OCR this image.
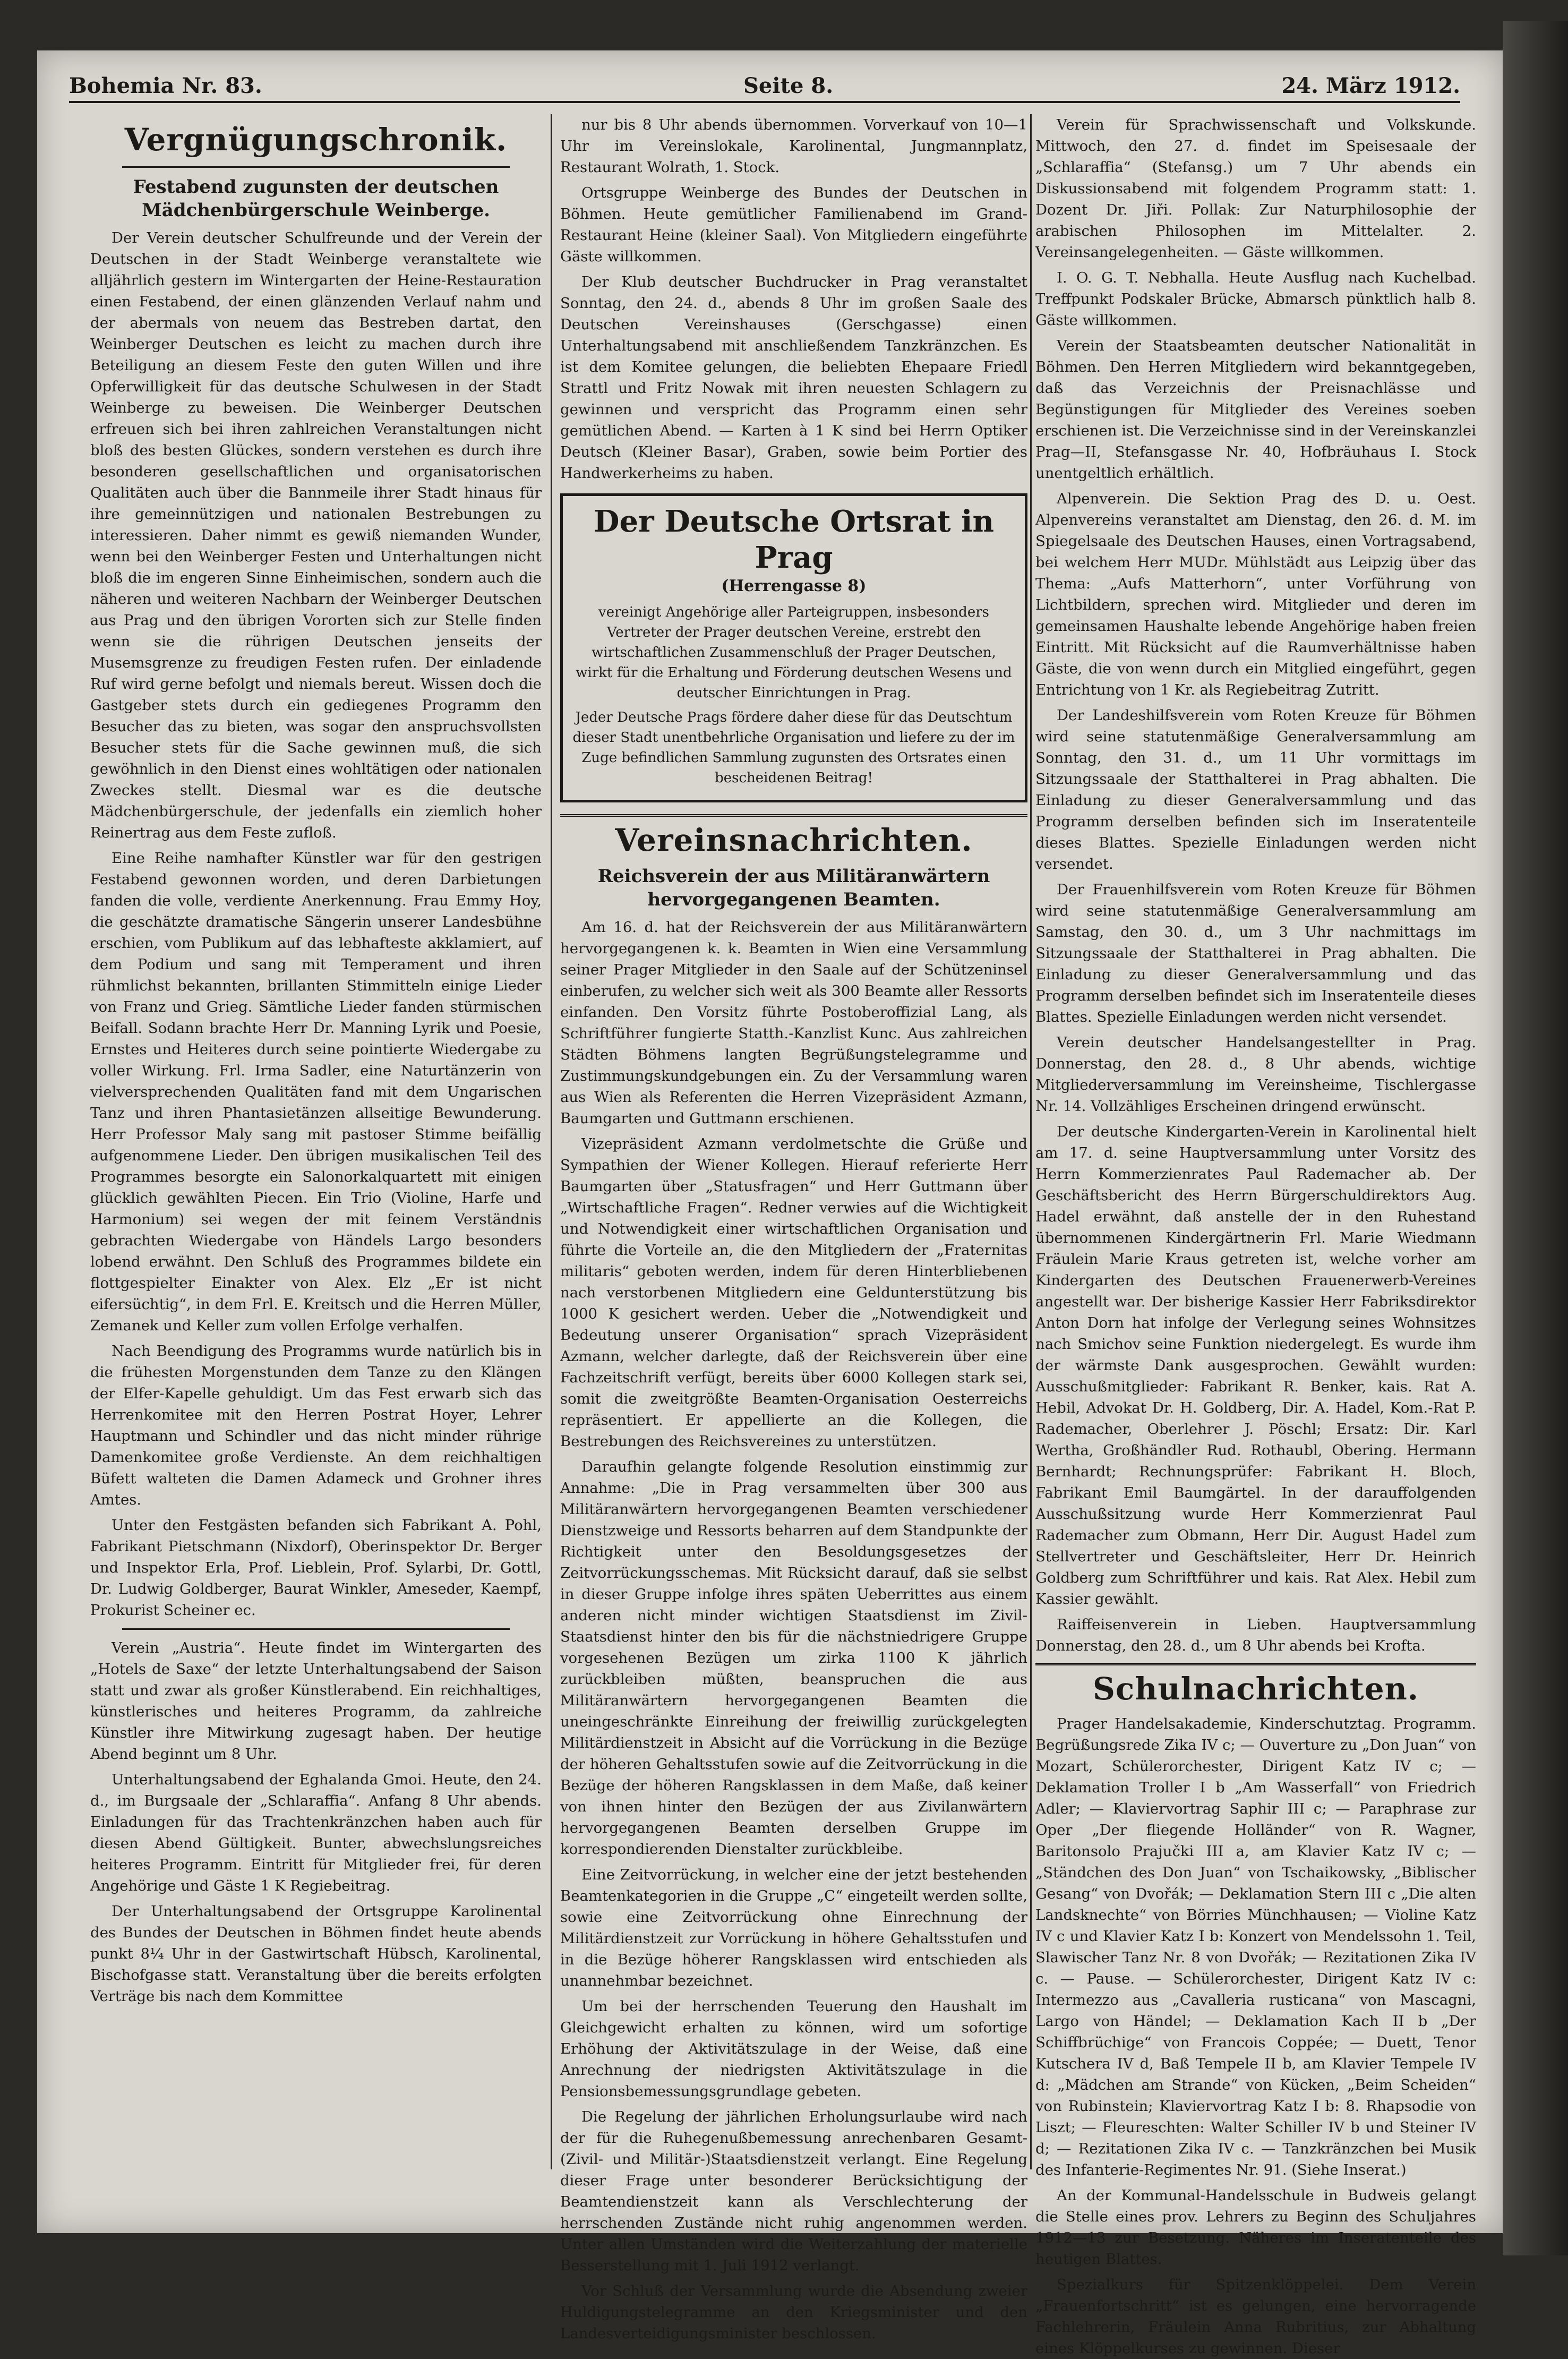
Bohemia Nr. 83.	Seite 8.	24. März 1912.
Vergnügungschronik.
Festabend zugunsten der deutschen Mädchenbürgerschule Weinberge.

Der Verein deutscher Schulfreunde und der Verein der Deutschen in der Stadt Weinberge veranstaltete wie alljährlich gestern im Wintergarten der Heine-Restauration einen Festabend, der einen glänzenden Verlauf nahm und der abermals von neuem das Bestreben dartat, den Weinberger Deutschen es leicht zu machen durch ihre Beteiligung an diesem Feste den guten Willen und ihre Opferwilligkeit für das deutsche Schulwesen in der Stadt Weinberge zu beweisen. Die Weinberger Deutschen erfreuen sich bei ihren zahlreichen Veranstaltungen nicht bloß des besten Glückes, sondern verstehen es durch ihre besonderen gesellschaftlichen und organisatorischen Qualitäten auch über die Bannmeile ihrer Stadt hinaus für ihre gemeinnützigen und nationalen Bestrebungen zu interessieren. Daher nimmt es gewiß niemanden Wunder, wenn bei den Weinberger Festen und Unterhaltungen nicht bloß die im engeren Sinne Einheimischen, sondern auch die näheren und weiteren Nachbarn der Weinberger Deutschen aus Prag und den übrigen Vororten sich zur Stelle finden wenn sie die rührigen Deutschen jenseits der Musemsgrenze zu freudigen Festen rufen. Der einladende Ruf wird gerne befolgt und niemals bereut. Wissen doch die Gastgeber stets durch ein gediegenes Programm den Besucher das zu bieten, was sogar den anspruchsvollsten Besucher stets für die Sache gewinnen muß, die sich gewöhnlich in den Dienst eines wohltätigen oder nationalen Zweckes stellt. Diesmal war es die deutsche Mädchenbürgerschule, der jedenfalls ein ziemlich hoher Reinertrag aus dem Feste zufloß.

Eine Reihe namhafter Künstler war für den gestrigen Festabend gewonnen worden, und deren Darbietungen fanden die volle, verdiente Anerkennung. Frau Emmy Hoy, die geschätzte dramatische Sängerin unserer Landesbühne erschien, vom Publikum auf das lebhafteste akklamiert, auf dem Podium und sang mit Temperament und ihren rühmlichst bekannten, brillanten Stimmitteln einige Lieder von Franz und Grieg. Sämtliche Lieder fanden stürmischen Beifall. Sodann brachte Herr Dr. Manning Lyrik und Poesie, Ernstes und Heiteres durch seine pointierte Wiedergabe zu voller Wirkung. Frl. Irma Sadler, eine Naturtänzerin von vielversprechenden Qualitäten fand mit dem Ungarischen Tanz und ihren Phantasietänzen allseitige Bewunderung. Herr Professor Maly sang mit pastoser Stimme beifällig aufgenommene Lieder. Den übrigen musikalischen Teil des Programmes besorgte ein Salonorkalquartett mit einigen glücklich gewählten Piecen. Ein Trio (Violine, Harfe und Harmonium) sei wegen der mit feinem Verständnis gebrachten Wiedergabe von Händels Largo besonders lobend erwähnt. Den Schluß des Programmes bildete ein flottgespielter Einakter von Alex. Elz „Er ist nicht eifersüchtig“, in dem Frl. E. Kreitsch und die Herren Müller, Zemanek und Keller zum vollen Erfolge verhalfen.

Nach Beendigung des Programms wurde natürlich bis in die frühesten Morgenstunden dem Tanze zu den Klängen der Elfer-Kapelle gehuldigt. Um das Fest erwarb sich das Herrenkomitee mit den Herren Postrat Hoyer, Lehrer Hauptmann und Schindler und das nicht minder rührige Damenkomitee große Verdienste. An dem reichhaltigen Büfett walteten die Damen Adameck und Grohner ihres Amtes.

Unter den Festgästen befanden sich Fabrikant A. Pohl, Fabrikant Pietschmann (Nixdorf), Oberinspektor Dr. Berger und Inspektor Erla, Prof. Lieblein, Prof. Sylarbi, Dr. Gottl, Dr. Ludwig Goldberger, Baurat Winkler, Ameseder, Kaempf, Prokurist Scheiner ec.

Verein „Austria“. Heute findet im Wintergarten des „Hotels de Saxe“ der letzte Unterhaltungsabend der Saison statt und zwar als großer Künstlerabend. Ein reichhaltiges, künstlerisches und heiteres Programm, da zahlreiche Künstler ihre Mitwirkung zugesagt haben. Der heutige Abend beginnt um 8 Uhr.

Unterhaltungsabend der Eghalanda Gmoi. Heute, den 24. d., im Burgsaale der „Schlaraffia“. Anfang 8 Uhr abends. Einladungen für das Trachtenkränzchen haben auch für diesen Abend Gültigkeit. Bunter, abwechslungsreiches heiteres Programm. Eintritt für Mitglieder frei, für deren Angehörige und Gäste 1 K Regiebeitrag.

Der Unterhaltungsabend der Ortsgruppe Karolinental des Bundes der Deutschen in Böhmen findet heute abends punkt 8¼ Uhr in der Gastwirtschaft Hübsch, Karolinental, Bischofgasse statt. Veranstaltung über die bereits erfolgten Verträge bis nach dem Kommittee

nur bis 8 Uhr abends übernommen. Vorverkauf von 10—1 Uhr im Vereinslokale, Karolinental, Jungmannplatz, Restaurant Wolrath, 1. Stock.

Ortsgruppe Weinberge des Bundes der Deutschen in Böhmen. Heute gemütlicher Familienabend im Grand-Restaurant Heine (kleiner Saal). Von Mitgliedern eingeführte Gäste willkommen.

Der Klub deutscher Buchdrucker in Prag veranstaltet Sonntag, den 24. d., abends 8 Uhr im großen Saale des Deutschen Vereinshauses (Gerschgasse) einen Unterhaltungsabend mit anschließendem Tanzkränzchen. Es ist dem Komitee gelungen, die beliebten Ehepaare Friedl Strattl und Fritz Nowak mit ihren neuesten Schlagern zu gewinnen und verspricht das Programm einen sehr gemütlichen Abend. — Karten à 1 K sind bei Herrn Optiker Deutsch (Kleiner Basar), Graben, sowie beim Portier des Handwerkerheims zu haben.

Der Deutsche Ortsrat in Prag
(Herrengasse 8)

vereinigt Angehörige aller Parteigruppen, insbesonders Vertreter der Prager deutschen Vereine, erstrebt den wirtschaftlichen Zusammenschluß der Prager Deutschen, wirkt für die Erhaltung und Förderung deutschen Wesens und deutscher Einrichtungen in Prag.

Jeder Deutsche Prags fördere daher diese für das Deutschtum dieser Stadt unentbehrliche Organisation und liefere zu der im Zuge befindlichen Sammlung zugunsten des Ortsrates einen bescheidenen Beitrag!

Vereinsnachrichten.
Reichsverein der aus Militäranwärtern hervorgegangenen Beamten.

Am 16. d. hat der Reichsverein der aus Militäranwärtern hervorgegangenen k. k. Beamten in Wien eine Versammlung seiner Prager Mitglieder in den Saale auf der Schützeninsel einberufen, zu welcher sich weit als 300 Beamte aller Ressorts einfanden. Den Vorsitz führte Postoberoffizial Lang, als Schriftführer fungierte Statth.-Kanzlist Kunc. Aus zahlreichen Städten Böhmens langten Begrüßungstelegramme und Zustimmungskundgebungen ein. Zu der Versammlung waren aus Wien als Referenten die Herren Vizepräsident Azmann, Baumgarten und Guttmann erschienen.

Vizepräsident Azmann verdolmetschte die Grüße und Sympathien der Wiener Kollegen. Hierauf referierte Herr Baumgarten über „Statusfragen“ und Herr Guttmann über „Wirtschaftliche Fragen“. Redner verwies auf die Wichtigkeit und Notwendigkeit einer wirtschaftlichen Organisation und führte die Vorteile an, die den Mitgliedern der „Fraternitas militaris“ geboten werden, indem für deren Hinterbliebenen nach verstorbenen Mitgliedern eine Geldunterstützung bis 1000 K gesichert werden. Ueber die „Notwendigkeit und Bedeutung unserer Organisation“ sprach Vizepräsident Azmann, welcher darlegte, daß der Reichsverein über eine Fachzeitschrift verfügt, bereits über 6000 Kollegen stark sei, somit die zweitgrößte Beamten-Organisation Oesterreichs repräsentiert. Er appellierte an die Kollegen, die Bestrebungen des Reichsvereines zu unterstützen.

Daraufhin gelangte folgende Resolution einstimmig zur Annahme: „Die in Prag versammelten über 300 aus Militäranwärtern hervorgegangenen Beamten verschiedener Dienstzweige und Ressorts beharren auf dem Standpunkte der Richtigkeit unter den Besoldungsgesetzes der Zeitvorrückungsschemas. Mit Rücksicht darauf, daß sie selbst in dieser Gruppe infolge ihres späten Ueberrittes aus einem anderen nicht minder wichtigen Staatsdienst im Zivil-Staatsdienst hinter den bis für die nächstniedrigere Gruppe vorgesehenen Bezügen um zirka 1100 K jährlich zurückbleiben müßten, beanspruchen die aus Militäranwärtern hervorgegangenen Beamten die uneingeschränkte Einreihung der freiwillig zurückgelegten Militärdienstzeit in Absicht auf die Vorrückung in die Bezüge der höheren Gehaltsstufen sowie auf die Zeitvorrückung in die Bezüge der höheren Rangsklassen in dem Maße, daß keiner von ihnen hinter den Bezügen der aus Zivilanwärtern hervorgegangenen Beamten derselben Gruppe im korrespondierenden Dienstalter zurückbleibe.

Eine Zeitvorrückung, in welcher eine der jetzt bestehenden Beamtenkategorien in die Gruppe „C“ eingeteilt werden sollte, sowie eine Zeitvorrückung ohne Einrechnung der Militärdienstzeit zur Vorrückung in höhere Gehaltsstufen und in die Bezüge höherer Rangsklassen wird entschieden als unannehmbar bezeichnet.

Um bei der herrschenden Teuerung den Haushalt im Gleichgewicht erhalten zu können, wird um sofortige Erhöhung der Aktivitätszulage in der Weise, daß eine Anrechnung der niedrigsten Aktivitätszulage in die Pensionsbemessungsgrundlage gebeten.

Die Regelung der jährlichen Erholungsurlaube wird nach der für die Ruhegenußbemessung anrechenbaren Gesamt-(Zivil- und Militär-)Staatsdienstzeit verlangt. Eine Regelung dieser Frage unter besonderer Berücksichtigung der Beamtendienstzeit kann als Verschlechterung der herrschenden Zustände nicht ruhig angenommen werden. Unter allen Umständen wird die Weiterzahlung der materielle Besserstellung mit 1. Juli 1912 verlangt.

Vor Schluß der Versammlung wurde die Absendung zweier Huldigungstelegramme an den Kriegsminister und den Landesverteidigungsminister beschlossen.

Verein für Sprachwissenschaft und Volkskunde. Mittwoch, den 27. d. findet im Speisesaale der „Schlaraffia“ (Stefansg.) um 7 Uhr abends ein Diskussionsabend mit folgendem Programm statt: 1. Dozent Dr. Jiři. Pollak: Zur Naturphilosophie der arabischen Philosophen im Mittelalter. 2. Vereinsangelegenheiten. — Gäste willkommen.

I. O. G. T. Nebhalla. Heute Ausflug nach Kuchelbad. Treffpunkt Podskaler Brücke, Abmarsch pünktlich halb 8. Gäste willkommen.

Verein der Staatsbeamten deutscher Nationalität in Böhmen. Den Herren Mitgliedern wird bekanntgegeben, daß das Verzeichnis der Preisnachlässe und Begünstigungen für Mitglieder des Vereines soeben erschienen ist. Die Verzeichnisse sind in der Vereinskanzlei Prag—II, Stefansgasse Nr. 40, Hofbräuhaus I. Stock unentgeltlich erhältlich.

Alpenverein. Die Sektion Prag des D. u. Oest. Alpenvereins veranstaltet am Dienstag, den 26. d. M. im Spiegelsaale des Deutschen Hauses, einen Vortragsabend, bei welchem Herr MUDr. Mühlstädt aus Leipzig über das Thema: „Aufs Matterhorn“, unter Vorführung von Lichtbildern, sprechen wird. Mitglieder und deren im gemeinsamen Haushalte lebende Angehörige haben freien Eintritt. Mit Rücksicht auf die Raumverhältnisse haben Gäste, die von wenn durch ein Mitglied eingeführt, gegen Entrichtung von 1 Kr. als Regiebeitrag Zutritt.

Der Landeshilfsverein vom Roten Kreuze für Böhmen wird seine statutenmäßige Generalversammlung am Sonntag, den 31. d., um 11 Uhr vormittags im Sitzungssaale der Statthalterei in Prag abhalten. Die Einladung zu dieser Generalversammlung und das Programm derselben befinden sich im Inseratenteile dieses Blattes. Spezielle Einladungen werden nicht versendet.

Der Frauenhilfsverein vom Roten Kreuze für Böhmen wird seine statutenmäßige Generalversammlung am Samstag, den 30. d., um 3 Uhr nachmittags im Sitzungssaale der Statthalterei in Prag abhalten. Die Einladung zu dieser Generalversammlung und das Programm derselben befindet sich im Inseratenteile dieses Blattes. Spezielle Einladungen werden nicht versendet.

Verein deutscher Handelsangestellter in Prag. Donnerstag, den 28. d., 8 Uhr abends, wichtige Mitgliederversammlung im Vereinsheime, Tischlergasse Nr. 14. Vollzähliges Erscheinen dringend erwünscht.

Der deutsche Kindergarten-Verein in Karolinental hielt am 17. d. seine Hauptversammlung unter Vorsitz des Herrn Kommerzienrates Paul Rademacher ab. Der Geschäftsbericht des Herrn Bürgerschuldirektors Aug. Hadel erwähnt, daß anstelle der in den Ruhestand übernommenen Kindergärtnerin Frl. Marie Wiedmann Fräulein Marie Kraus getreten ist, welche vorher am Kindergarten des Deutschen Frauenerwerb-Vereines angestellt war. Der bisherige Kassier Herr Fabriksdirektor Anton Dorn hat infolge der Verlegung seines Wohnsitzes nach Smichov seine Funktion niedergelegt. Es wurde ihm der wärmste Dank ausgesprochen. Gewählt wurden: Ausschußmitglieder: Fabrikant R. Benker, kais. Rat A. Hebil, Advokat Dr. H. Goldberg, Dir. A. Hadel, Kom.-Rat P. Rademacher, Oberlehrer J. Pöschl; Ersatz: Dir. Karl Wertha, Großhändler Rud. Rothaubl, Obering. Hermann Bernhardt; Rechnungsprüfer: Fabrikant H. Bloch, Fabrikant Emil Baumgärtel. In der darauffolgenden Ausschußsitzung wurde Herr Kommerzienrat Paul Rademacher zum Obmann, Herr Dir. August Hadel zum Stellvertreter und Geschäftsleiter, Herr Dr. Heinrich Goldberg zum Schriftführer und kais. Rat Alex. Hebil zum Kassier gewählt.

Raiffeisenverein in Lieben. Hauptversammlung Donnerstag, den 28. d., um 8 Uhr abends bei Krofta.

Schulnachrichten.

Prager Handelsakademie, Kinderschutztag. Programm. Begrüßungsrede Zika IV c; — Ouverture zu „Don Juan“ von Mozart, Schülerorchester, Dirigent Katz IV c; — Deklamation Troller I b „Am Wasserfall“ von Friedrich Adler; — Klaviervortrag Saphir III c; — Paraphrase zur Oper „Der fliegende Holländer“ von R. Wagner, Baritonsolo Prajučki III a, am Klavier Katz IV c; — „Ständchen des Don Juan“ von Tschaikowsky, „Biblischer Gesang“ von Dvořák; — Deklamation Stern III c „Die alten Landsknechte“ von Börries Münchhausen; — Violine Katz IV c und Klavier Katz I b: Konzert von Mendelssohn 1. Teil, Slawischer Tanz Nr. 8 von Dvořák; — Rezitationen Zika IV c. — Pause. — Schülerorchester, Dirigent Katz IV c: Intermezzo aus „Cavalleria rusticana“ von Mascagni, Largo von Händel; — Deklamation Kach II b „Der Schiffbrüchige“ von Francois Coppée; — Duett, Tenor Kutschera IV d, Baß Tempele II b, am Klavier Tempele IV d: „Mädchen am Strande“ von Kücken, „Beim Scheiden“ von Rubinstein; Klaviervortrag Katz I b: 8. Rhapsodie von Liszt; — Fleureschten: Walter Schiller IV b und Steiner IV d; — Rezitationen Zika IV c. — Tanzkränzchen bei Musik des Infanterie-Regimentes Nr. 91. (Siehe Inserat.)

An der Kommunal-Handelsschule in Budweis gelangt die Stelle eines prov. Lehrers zu Beginn des Schuljahres 1912—13 zur Besetzung. Näheres im Inseratenteile des heutigen Blattes.

Spezialkurs für Spitzenklöppelei. Dem Verein „Frauenfortschritt“ ist es gelungen, eine hervorragende Fachlehrerin, Fräulein Anna Rubritius, zur Abhaltung eines Klöppelkurses zu gewinnen. Dieser
